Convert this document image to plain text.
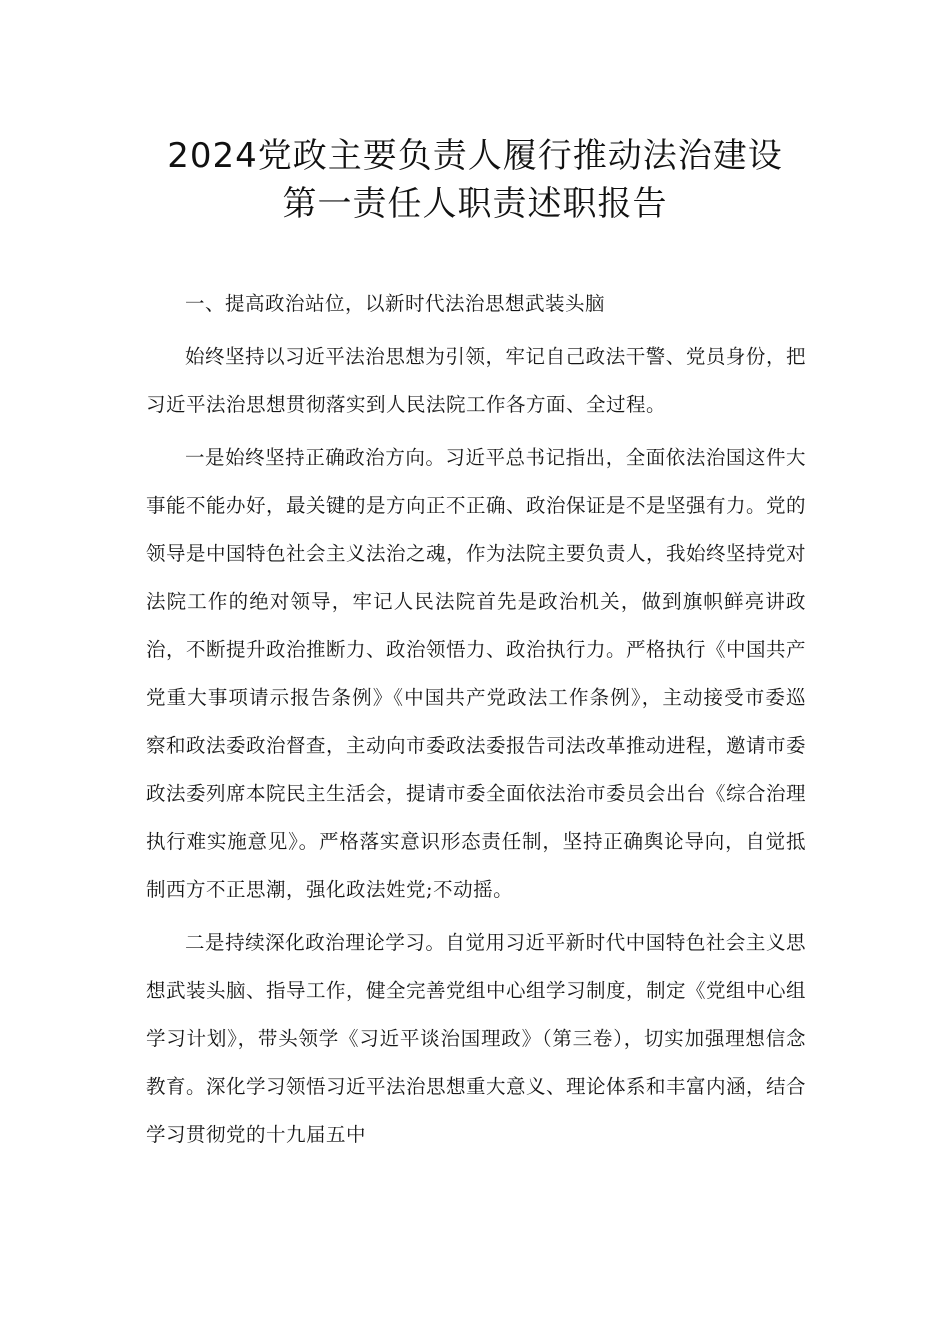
2024党政主要负责人履行推动法治建设
第一责任人职责述职报告

一、提高政治站位，以新时代法治思想武装头脑

始终坚持以习近平法治思想为引领，牢记自己政法干警、党员身份，把习近平法治思想贯彻落实到人民法院工作各方面、全过程。

一是始终坚持正确政治方向。习近平总书记指出，全面依法治国这件大事能不能办好，最关键的是方向正不正确、政治保证是不是坚强有力。党的领导是中国特色社会主义法治之魂，作为法院主要负责人，我始终坚持党对法院工作的绝对领导，牢记人民法院首先是政治机关，做到旗帜鲜亮讲政治，不断提升政治推断力、政治领悟力、政治执行力。严格执行《中国共产党重大事项请示报告条例》《中国共产党政法工作条例》，主动接受市委巡察和政法委政治督查，主动向市委政法委报告司法改革推动进程，邀请市委政法委列席本院民主生活会，提请市委全面依法治市委员会出台《综合治理执行难实施意见》。严格落实意识形态责任制，坚持正确舆论导向，自觉抵制西方不正思潮，强化政法姓党;不动摇。

二是持续深化政治理论学习。自觉用习近平新时代中国特色社会主义思想武装头脑、指导工作，健全完善党组中心组学习制度，制定《党组中心组学习计划》，带头领学《习近平谈治国理政》（第三卷），切实加强理想信念教育。深化学习领悟习近平法治思想重大意义、理论体系和丰富内涵，结合学习贯彻党的十九届五中
